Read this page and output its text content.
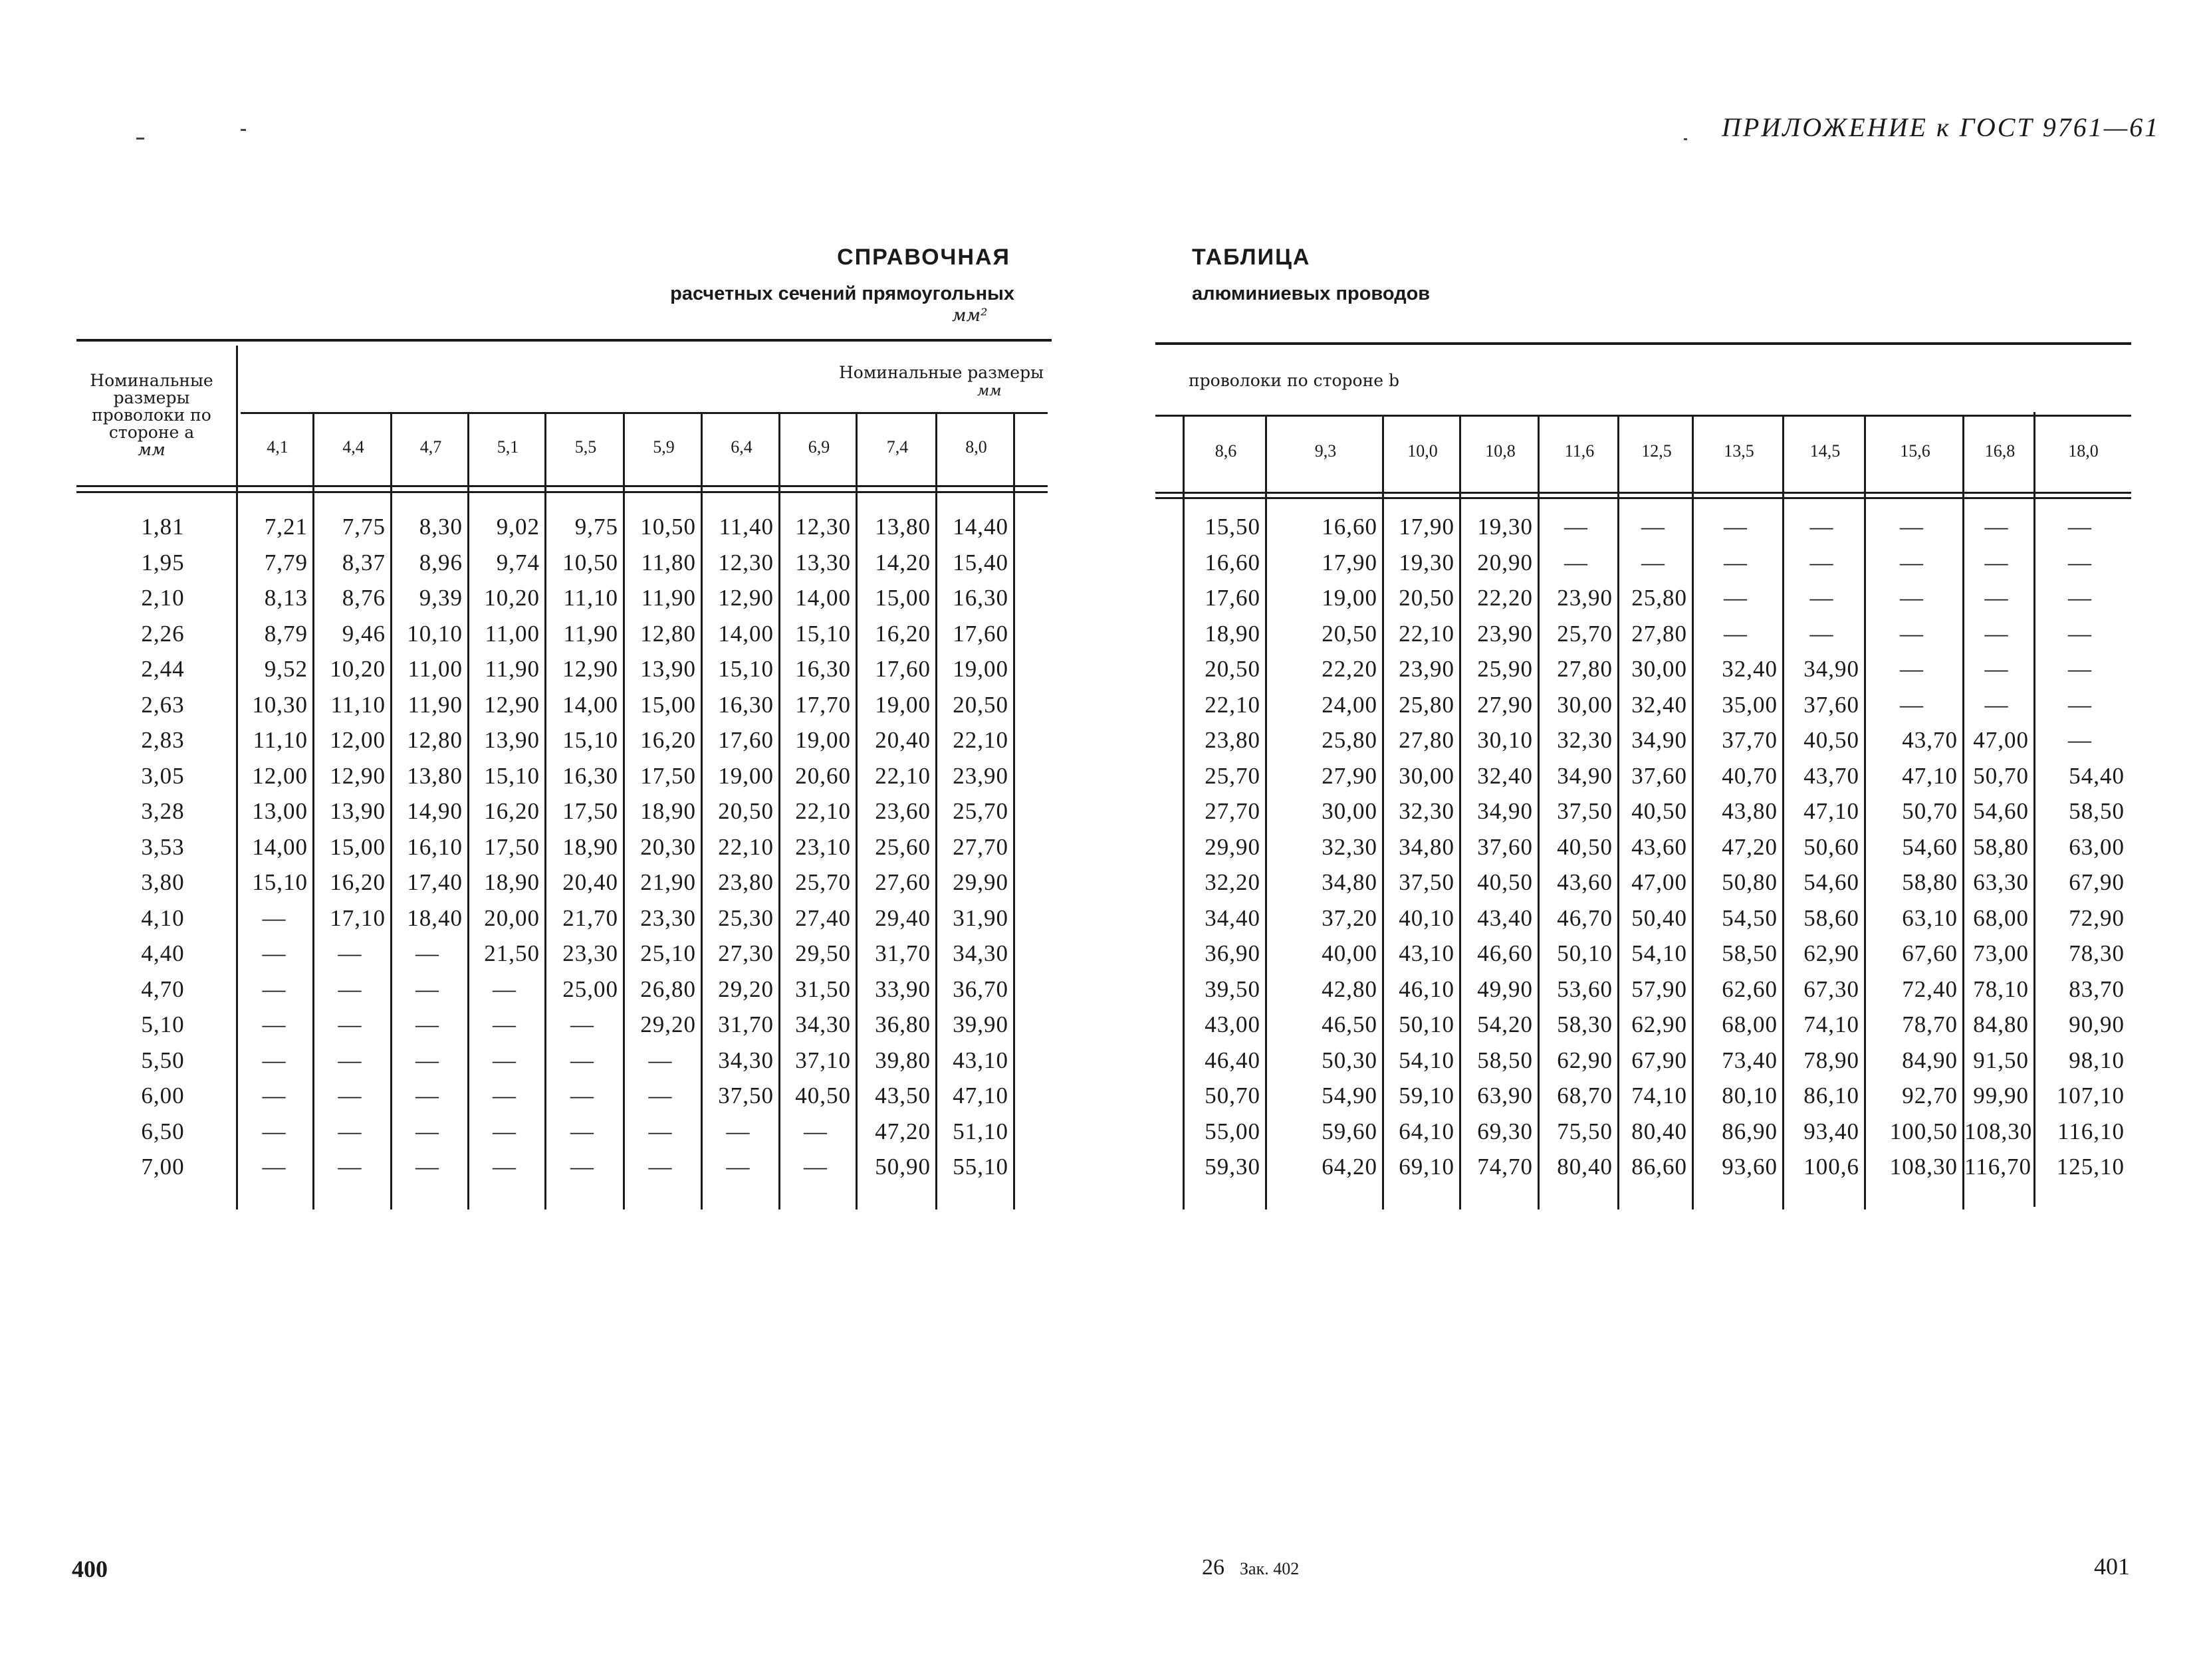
ПРИЛОЖЕНИЕ к ГОСТ 9761—61
СПРАВОЧНАЯ	ТАБЛИЦА
расчетных сечений прямоугольных	алюминиевых проводов
мм²
Номинальные размеры проволоки по стороне а
мм
Номинальные размеры
мм
проволоки по стороне b
4,1	4,4	4,7	5,1	5,5	5,9	6,4	6,9	7,4	8,0	8,6	9,3	10,0	10,8	11,6	12,5	13,5	14,5	15,6	16,8	18,0
1,81	7,21	7,75	8,30	9,02	9,75 10,50 11,40 12,30	13,80 14,40	15,50	16,60 17,90 19,30	—	—	—	—	—	—	—
1,95	7,79	8,37	8,96	9,74 10,50 11,80 12,30 13,30	14,20 15,40	16,60	17,90 19,30 20,90	—	—	—	—	—	—	—
2,10	8,13	8,76	9,39 10,20	11,10 11,90 12,90 14,00	15,00 16,30	17,60	19,00 20,50 22,20	23,90 25,80	—	—	—	—	—
2,26	8,79	9,46 10,10 11,00	11,90 12,80 14,00 15,10	16,20 17,60	18,90	20,50 22,10 23,90	25,70 27,80	—	—	—	—	—
2,44	9,52 10,20 11,00 11,90 12,90 13,90 15,10 16,30	17,60 19,00	20,50	22,20 23,90 25,90	27,80 30,00	32,40	34,90	—	—	—
2,63	10,30 11,10 11,90 12,90 14,00 15,00 16,30 17,70	19,00 20,50	22,10	24,00 25,80 27,90	30,00 32,40	35,00	37,60	—	—	—
2,83	11,10 12,00 12,80 13,90 15,10 16,20 17,60 19,00	20,40 22,10	23,80	25,80 27,80 30,10	32,30 34,90	37,70	40,50	43,70 47,00	—
3,05	12,00 12,90 13,80 15,10 16,30 17,50 19,00 20,60	22,10 23,90	25,70	27,90 30,00 32,40	34,90 37,60	40,70	43,70	47,10 50,70	54,40
3,28	13,00 13,90 14,90 16,20 17,50 18,90 20,50 22,10	23,60 25,70	27,70	30,00 32,30 34,90	37,50 40,50	43,80	47,10	50,70 54,60	58,50
3,53	14,00 15,00 16,10 17,50 18,90 20,30 22,10 23,10	25,60 27,70	29,90	32,30 34,80 37,60	40,50 43,60	47,20	50,60	54,60 58,80	63,00
3,80	15,10 16,20 17,40 18,90 20,40 21,90 23,80 25,70	27,60 29,90	32,20	34,80 37,50 40,50	43,60 47,00	50,80	54,60	58,80 63,30	67,90
4,10	—	17,10 18,40 20,00 21,70 23,30 25,30 27,40	29,40 31,90	34,40	37,20 40,10 43,40	46,70 50,40	54,50	58,60	63,10 68,00	72,90
4,40	—	—	—	21,50 23,30 25,10 27,30 29,50	31,70 34,30	36,90	40,00 43,10 46,60	50,10 54,10	58,50	62,90	67,60 73,00	78,30
4,70	—	—	—	—	25,00 26,80 29,20 31,50	33,90 36,70	39,50	42,80 46,10 49,90	53,60 57,90	62,60	67,30	72,40 78,10	83,70
5,10	—	—	—	—	—	29,20 31,70 34,30	36,80 39,90	43,00	46,50 50,10 54,20	58,30 62,90	68,00	74,10	78,70 84,80	90,90
5,50	—	—	—	—	—	—	34,30 37,10	39,80 43,10	46,40	50,30 54,10 58,50	62,90 67,90	73,40	78,90	84,90 91,50	98,10
6,00	—	—	—	—	—	—	37,50 40,50	43,50 47,10	50,70	54,90 59,10 63,90	68,70 74,10	80,10	86,10	92,70 99,90	107,10
6,50	—	—	—	—	—	—	—	—	47,20 51,10	55,00	59,60 64,10 69,30	75,50 80,40	86,90	93,40	100,50 108,30	116,10
7,00	—	—	—	—	—	—	—	—	50,90 55,10	59,30	64,20 69,10 74,70	80,40 86,60	93,60	100,6	108,30 116,70	125,10
400	26 Зак. 402	401
